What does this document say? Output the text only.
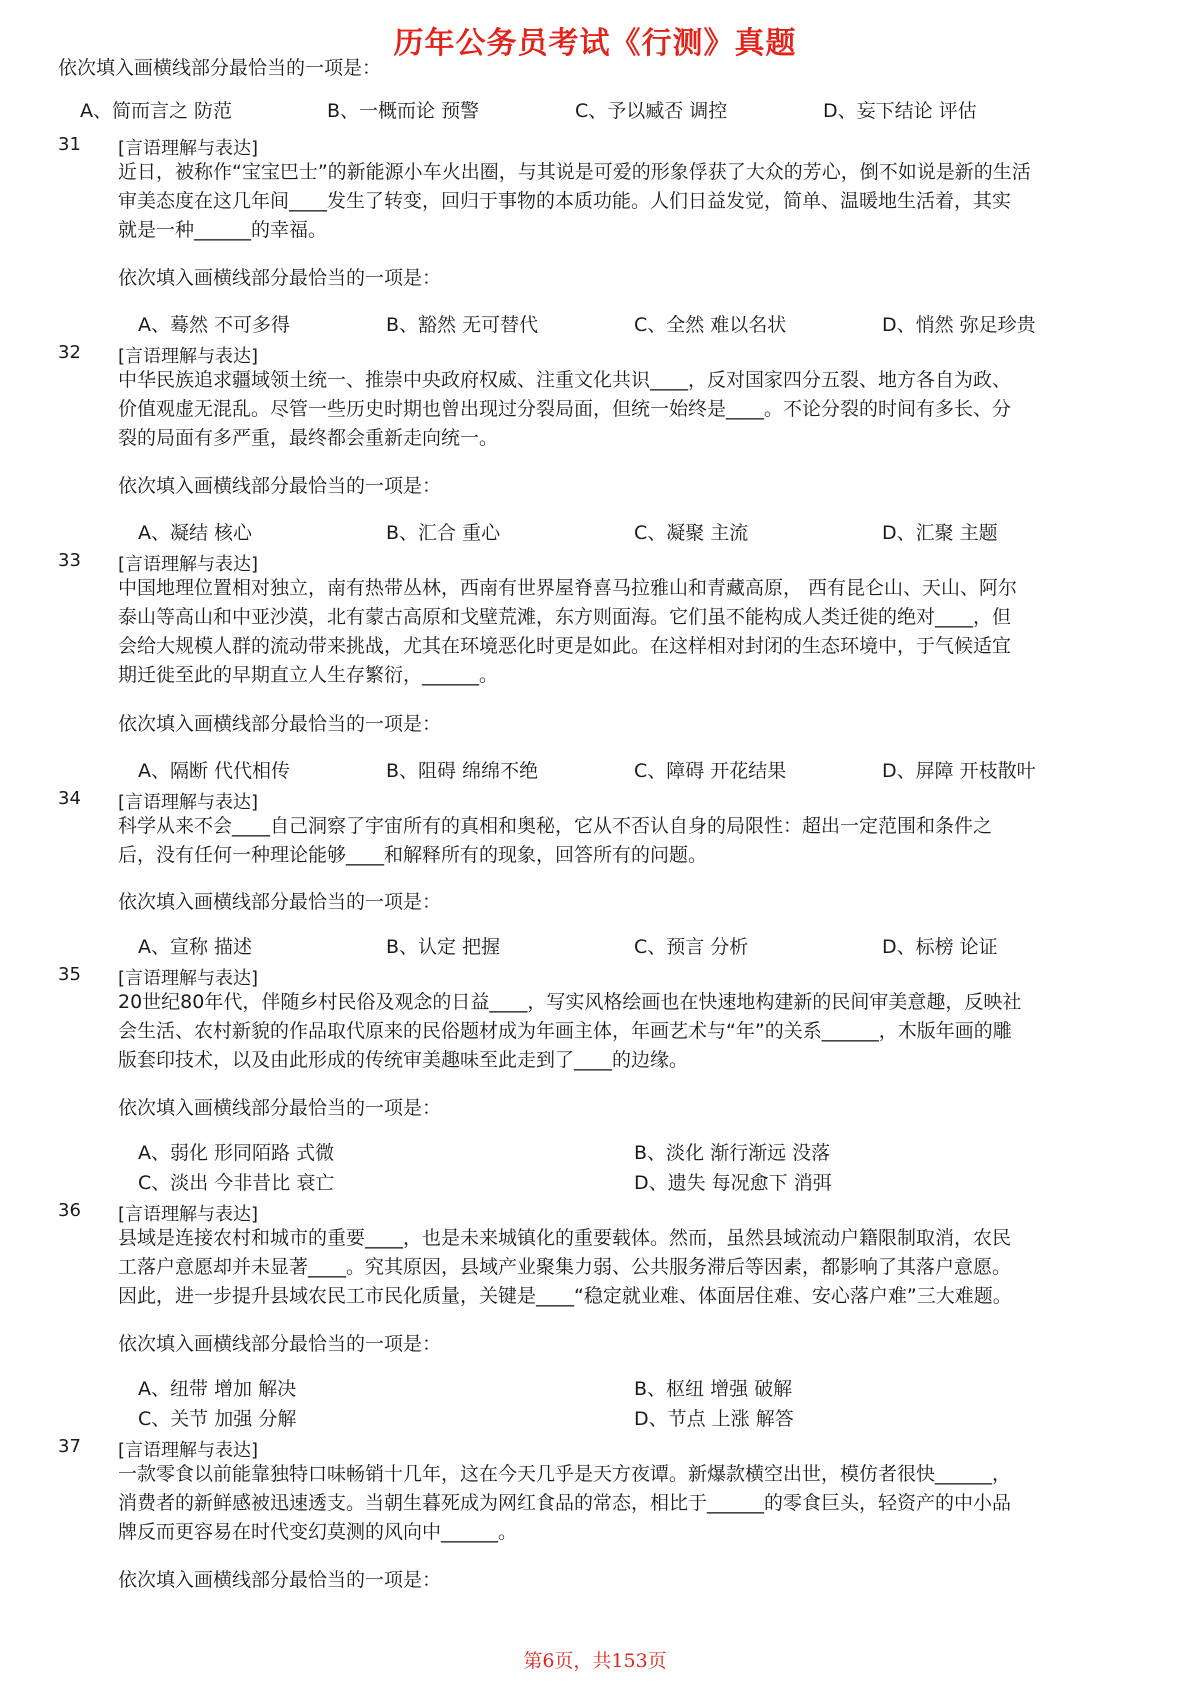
历年公务员考试《行测》真题
依次填入画横线部分最恰当的一项是：
A、简而言之 防范	B、一概而论 预警	C、予以臧否 调控	D、妄下结论 评估
31 [言语理解与表达]
近日，被称作“宝宝巴士”的新能源小车火出圈，与其说是可爱的形象俘获了大众的芳心，倒不如说是新的生活
审美态度在这几年间____发生了转变，回归于事物的本质功能。人们日益发觉，简单、温暖地生活着，其实
就是一种______的幸福。
依次填入画横线部分最恰当的一项是：
A、蓦然 不可多得	B、豁然 无可替代	C、全然 难以名状	D、悄然 弥足珍贵
32 [言语理解与表达]
中华民族追求疆域领土统一、推崇中央政府权威、注重文化共识____，反对国家四分五裂、地方各自为政、
价值观虚无混乱。尽管一些历史时期也曾出现过分裂局面，但统一始终是____。不论分裂的时间有多长、分
裂的局面有多严重，最终都会重新走向统一。
依次填入画横线部分最恰当的一项是：
A、凝结 核心	B、汇合 重心	C、凝聚 主流	D、汇聚 主题
33 [言语理解与表达]
中国地理位置相对独立，南有热带丛林，西南有世界屋脊喜马拉雅山和青藏高原， 西有昆仑山、天山、阿尔
泰山等高山和中亚沙漠，北有蒙古高原和戈壁荒滩，东方则面海。它们虽不能构成人类迁徙的绝对____，但
会给大规模人群的流动带来挑战，尤其在环境恶化时更是如此。在这样相对封闭的生态环境中，于气候适宜
期迁徙至此的早期直立人生存繁衍，______。
依次填入画横线部分最恰当的一项是：
A、隔断 代代相传	B、阻碍 绵绵不绝	C、障碍 开花结果	D、屏障 开枝散叶
34 [言语理解与表达]
科学从来不会____自己洞察了宇宙所有的真相和奥秘，它从不否认自身的局限性：超出一定范围和条件之
后，没有任何一种理论能够____和解释所有的现象，回答所有的问题。
依次填入画横线部分最恰当的一项是：
A、宣称 描述	B、认定 把握	C、预言 分析	D、标榜 论证
35 [言语理解与表达]
20世纪80年代，伴随乡村民俗及观念的日益____，写实风格绘画也在快速地构建新的民间审美意趣，反映社
会生活、农村新貌的作品取代原来的民俗题材成为年画主体，年画艺术与“年”的关系______，木版年画的雕
版套印技术，以及由此形成的传统审美趣味至此走到了____的边缘。
依次填入画横线部分最恰当的一项是：
A、弱化 形同陌路 式微	B、淡化 渐行渐远 没落
C、淡出 今非昔比 衰亡	D、遗失 每况愈下 消弭
36 [言语理解与表达]
县域是连接农村和城市的重要____，也是未来城镇化的重要载体。然而，虽然县域流动户籍限制取消，农民
工落户意愿却并未显著____。究其原因，县域产业聚集力弱、公共服务滞后等因素，都影响了其落户意愿。
因此，进一步提升县域农民工市民化质量，关键是____“稳定就业难、体面居住难、安心落户难”三大难题。
依次填入画横线部分最恰当的一项是：
A、纽带 增加 解决	B、枢纽 增强 破解
C、关节 加强 分解	D、节点 上涨 解答
37 [言语理解与表达]
一款零食以前能靠独特口味畅销十几年，这在今天几乎是天方夜谭。新爆款横空出世，模仿者很快______，
消费者的新鲜感被迅速透支。当朝生暮死成为网红食品的常态，相比于______的零食巨头，轻资产的中小品
牌反而更容易在时代变幻莫测的风向中______。
依次填入画横线部分最恰当的一项是：
第6页，共153页
